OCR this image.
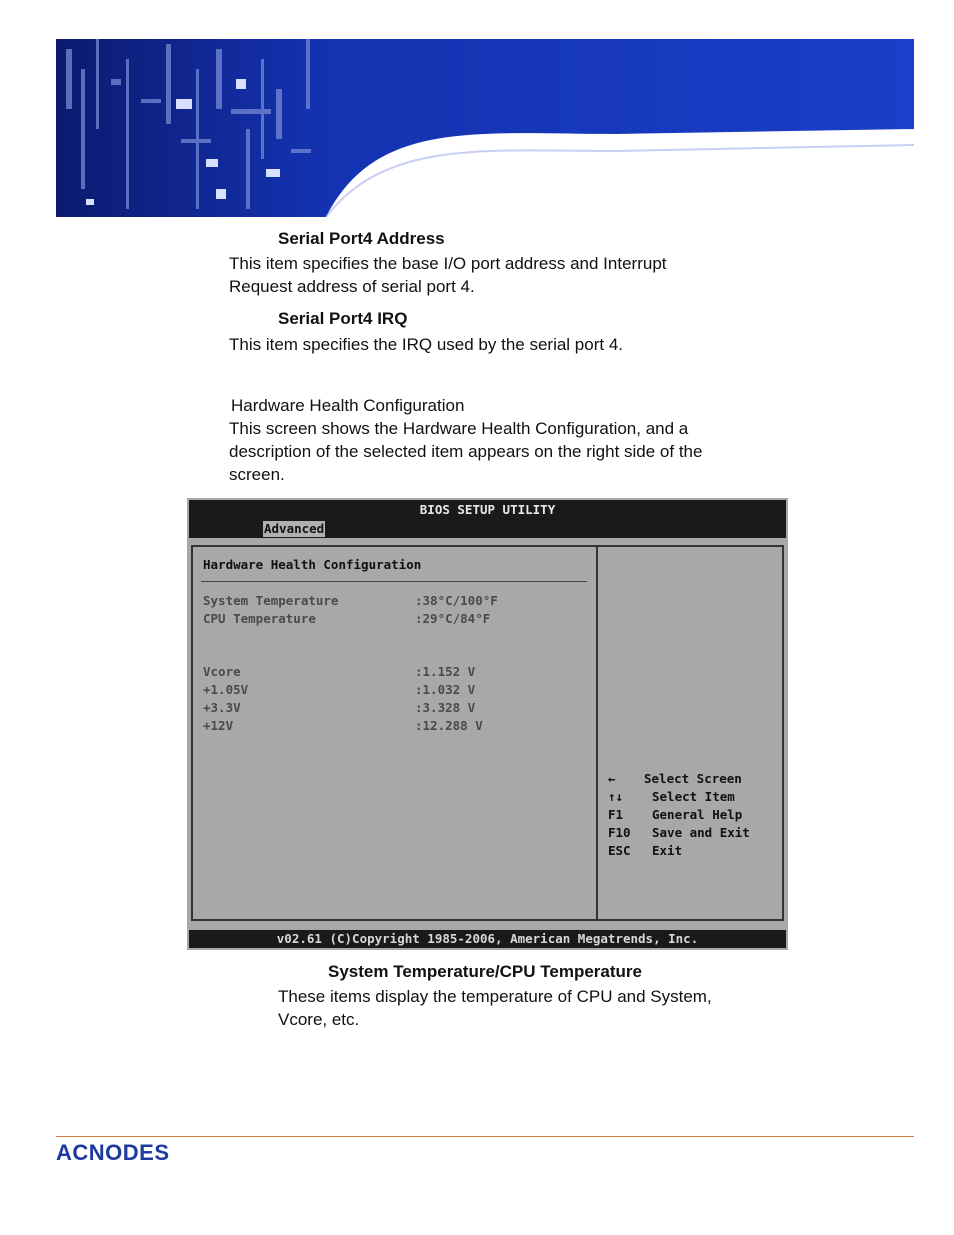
Serial Port4 Address

This item specifies the base I/O port address and Interrupt

Request address of serial port 4.

Serial Port4 IRQ

This item specifies the IRQ used by the serial port 4.

Hardware Health Configuration

This screen shows the Hardware Health Configuration, and a

description of the selected item appears on the right side of the

screen.

BIOS SETUP UTILITY
Advanced
Hardware Health Configuration
System Temperature	:38°C/100°F
CPU Temperature	:29°C/84°F
Vcore	:1.152 V
+1.05V	:1.032 V
+3.3V	:3.328 V
+12V	:12.288 V
← Select Screen
↑↓ Select Item
F1 General Help
F10 Save and Exit
ESC Exit
v02.61 (C)Copyright 1985-2006, American Megatrends, Inc.
System Temperature/CPU Temperature

These items display the temperature of CPU and System,

Vcore, etc.

ACNODES
